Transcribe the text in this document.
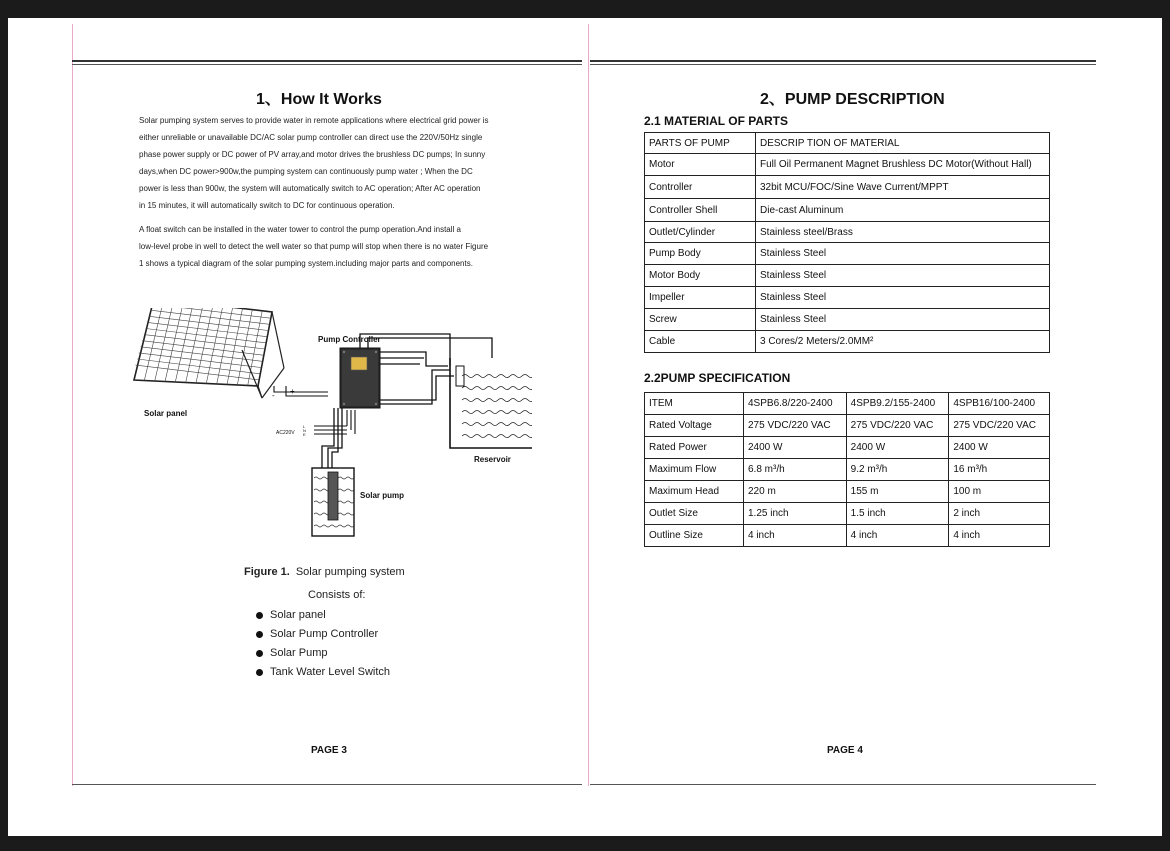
1、How It Works
Solar pumping system serves to provide water in remote applications where electrical grid power is
either unreliable or unavailable DC/AC solar pump controller can direct use the 220V/50Hz single
phase power supply or DC power of PV array,and motor drives the brushless DC pumps; In sunny
days,when DC power>900w,the pumping system can continuously pump water ; When the DC
power is less than 900w, the system will automatically switch to AC operation; After AC operation
in 15 minutes, it will automatically switch to DC for continuous operation.
A float switch can be installed in the water tower to control the pump operation.And install a
low-level probe in well to detect the well water so that pump will stop when there is no water Figure
1 shows a typical diagram of the solar pumping system.including major parts and components.
Solar panel
- +
AC220V
L
N
E
Pump Controller
Reservoir
Solar pump
Figure 1. Solar pumping system
Consists of:
Solar panel
Solar Pump Controller
Solar Pump
Tank Water Level Switch
PAGE 3
2、PUMP DESCRIPTION
2.1 MATERIAL OF PARTS
PARTS OF PUMP	DESCRIP TION OF MATERIAL
Motor	Full Oil Permanent Magnet Brushless DC Motor(Without Hall)
Controller	32bit MCU/FOC/Sine Wave Current/MPPT
Controller Shell	Die-cast Aluminum
Outlet/Cylinder	Stainless steel/Brass
Pump Body	Stainless Steel
Motor Body	Stainless Steel
Impeller	Stainless Steel
Screw	Stainless Steel
Cable	3 Cores/2 Meters/2.0MM²
2.2PUMP SPECIFICATION
ITEM	4SPB6.8/220-2400	4SPB9.2/155-2400	4SPB16/100-2400
Rated Voltage	275 VDC/220 VAC	275 VDC/220 VAC	275 VDC/220 VAC
Rated Power	2400 W	2400 W	2400 W
Maximum Flow	6.8 m³/h	9.2 m³/h	16 m³/h
Maximum Head	220 m	155 m	100 m
Outlet Size	1.25 inch	1.5 inch	2 inch
Outline Size	4 inch	4 inch	4 inch
PAGE 4
